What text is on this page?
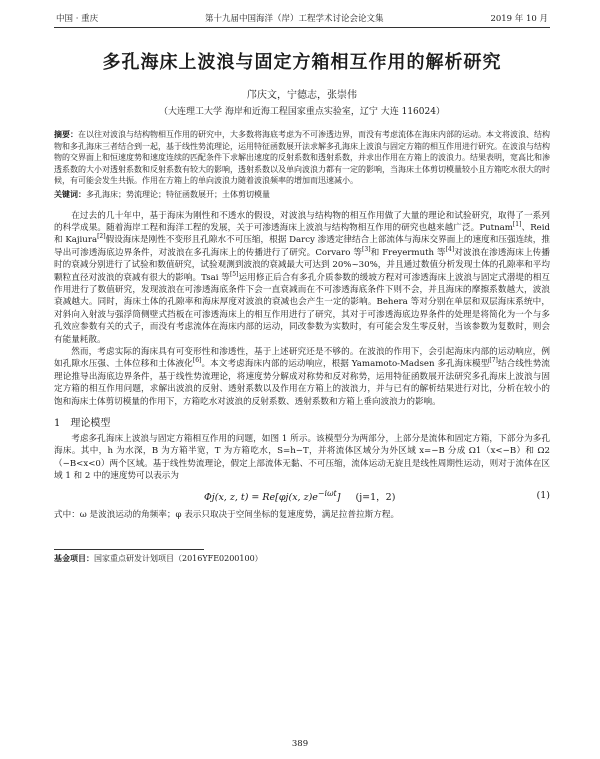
中国 · 重庆	第十九届中国海洋（岸）工程学术讨论会论文集	2019 年 10 月
多孔海床上波浪与固定方箱相互作用的解析研究
邝庆文，宁德志，张崇伟
（大连理工大学 海岸和近海工程国家重点实验室，辽宁 大连 116024）
摘要：在以往对波浪与结构物相互作用的研究中，大多数将海底考虑为不可渗透边界，而没有考虑流体在海床内部的运动。本文将波浪、结构物和多孔海床三者结合到一起，基于线性势流理论，运用特征函数展开法求解多孔海床上波浪与固定方箱的相互作用进行研究。在波浪与结构物的交界面上和恒速度势和速度连续的匹配条件下求解出速度的反射系数和透射系数，并求出作用在方箱上的波浪力。结果表明，宽高比和渗透系数的大小对透射系数和反射系数有较大的影响，透射系数以及单向波浪力都有一定的影响，当海床土体剪切模量较小且方箱吃水很大的时候，有可能会发生共振。作用在方箱上的单向波浪力随着波浪频率的增加而迅速减小。
关键词：多孔海床；势流理论；特征函数展开；土体剪切模量

在过去的几十年中，基于海床为刚性和不透水的假设，对波浪与结构物的相互作用做了大量的理论和试验研究，取得了一系列的科学成果。随着海岸工程和海洋工程的发展，关于可渗透海床上波浪与结构物相互作用的研究也越来越广泛。Putnam[1]、Reid 和 Kajiura[2]假设海床是刚性不变形且孔隙水不可压缩，根据 Darcy 渗透定律结合上部流体与海床交界面上的速度和压强连续，推导出可渗透海底边界条件，对波浪在多孔海床上的传播进行了研究。Corvaro 等[3]和 Freyermuth 等[4]对波浪在渗透海床上传播时的衰减分别进行了试验和数值研究，试验观测到波浪的衰减最大可达到 20%~30%，并且通过数值分析发现土体的孔隙率和平均颗粒直径对波浪的衰减有很大的影响。Tsai 等[5]运用修正后合有多孔介质参数的缓坡方程对可渗透海床上波浪与固定式潜堤的相互作用进行了数值研究，发现波浪在可渗透海底条件下会一直衰减而在不可渗透海底条件下则不会，并且海床的摩擦系数越大，波浪衰减越大。同时，海床土体的孔隙率和海床厚度对波浪的衰减也会产生一定的影响。Behera 等对分别在单层和双层海床系统中，对斜向入射波与强浮筒侧壁式挡板在可渗透海床上的相互作用进行了研究，其对于可渗透海底边界条件的处理是将简化为一个与多孔效应参数有关的式子，而没有考虑流体在海床内部的运动，同改参数为实数时，有可能会发生零反射，当该参数为复数时，则会有能量耗散。

然而，考虑实际的海床具有可变形性和渗透性，基于上述研究还是不够的。在波浪的作用下，会引起海床内部的运动响应，例如孔隙水压强、土体位移和土体液化[6]。本文考虑海床内部的运动响应，根据 Yamamoto-Madsen 多孔海床模型[7]结合线性势流理论推导出海底边界条件，基于线性势流理论，将速度势分解成对称势和反对称势，运用特征函数展开法研究多孔海床上波浪与固定方箱的相互作用问题，求解出波浪的反射、透射系数以及作用在方箱上的波浪力，并与已有的解析结果进行对比，分析在较小的饱和海床土体剪切模量的作用下，方箱吃水对波浪的反射系数、透射系数和方箱上垂向波浪力的影响。

1　 理论模型

考虑多孔海床上波浪与固定方箱相互作用的问题，如图 1 所示。该模型分为两部分，上部分是流体和固定方箱，下部分为多孔海床。其中，h 为水深，B 为方箱半宽，T 为方箱吃水，S=h−T，并将流体区域分为外区域 x=−B 分成 Ω1（x<−B）和 Ω2（−B<x<0）两个区域。基于线性势流理论，假定上部流体无黏、不可压缩，流体运动无旋且是线性周期性运动，则对于流体在区域 1 和 2 中的速度势可以表示为

Φj(x, z, t) = Re[φj(x, $z)e^{-i\omega t}$] (j=1，2)	(1)

式中：ω 是波浪运动的角频率；φ 表示只取决于空间坐标的复速度势，满足拉普拉斯方程。

基金项目：国家重点研发计划项目（2016YFE0200100）
389
